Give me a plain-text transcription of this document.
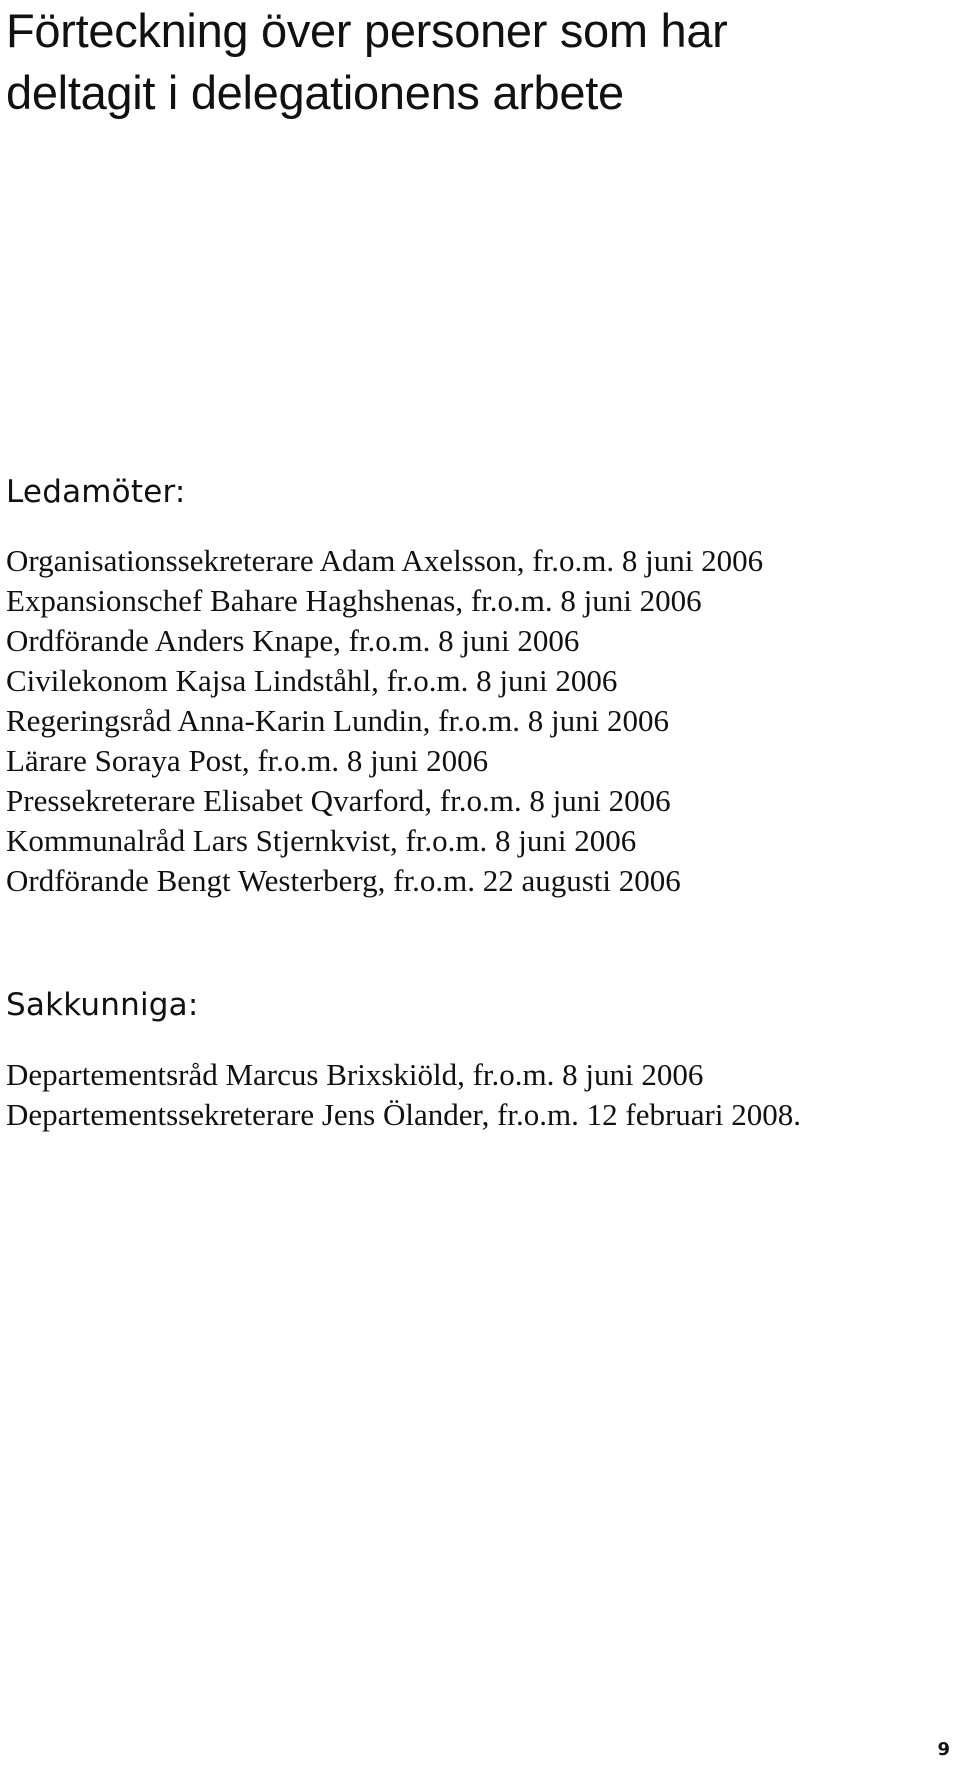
Förteckning över personer som har
deltagit i delegationens arbete
Ledamöter:
Organisationssekreterare Adam Axelsson, fr.o.m. 8 juni 2006
Expansionschef Bahare Haghshenas, fr.o.m. 8 juni 2006
Ordförande Anders Knape, fr.o.m. 8 juni 2006
Civilekonom Kajsa Lindståhl, fr.o.m. 8 juni 2006
Regeringsråd Anna-Karin Lundin, fr.o.m. 8 juni 2006
Lärare Soraya Post, fr.o.m. 8 juni 2006
Pressekreterare Elisabet Qvarford, fr.o.m. 8 juni 2006
Kommunalråd Lars Stjernkvist, fr.o.m. 8 juni 2006
Ordförande Bengt Westerberg, fr.o.m. 22 augusti 2006
Sakkunniga:
Departementsråd Marcus Brixskiöld, fr.o.m. 8 juni 2006
Departementssekreterare Jens Ölander, fr.o.m. 12 februari 2008.
9
